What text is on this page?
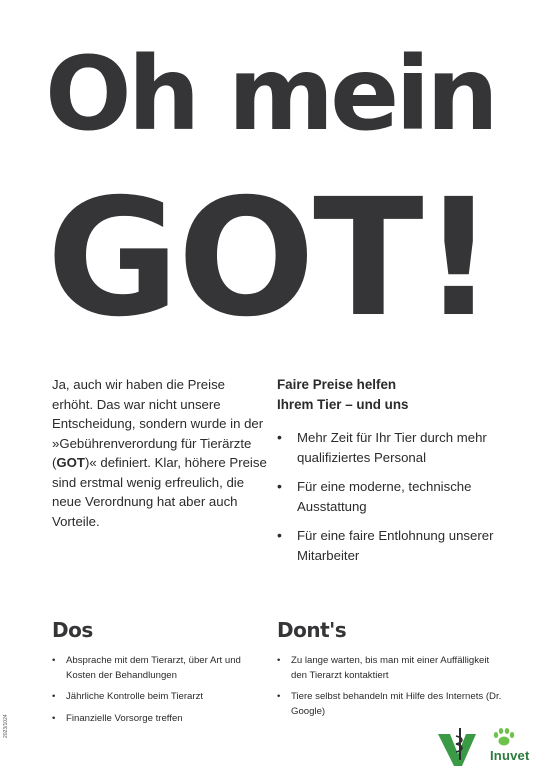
Oh mein
GOT!

Ja, auch wir haben die Preise erhöht. Das war nicht unsere Entscheidung, sondern wurde in der »Gebührenverordung für Tierärzte (GOT)« definiert. Klar, höhere Preise sind erstmal wenig erfreulich, die neue Verordnung hat aber auch Vorteile.

Faire Preise helfen
Ihrem Tier – und uns
• Mehr Zeit für Ihr Tier durch mehr qualifiziertes Personal
• Für eine moderne, technische Ausstattung
• Für eine faire Entlohnung unserer Mitarbeiter
Dos
• Absprache mit dem Tierarzt, über Art und Kosten der Behandlungen
• Jährliche Kontrolle beim Tierarzt
• Finanzielle Vorsorge treffen
Dont's
• Zu lange warten, bis man mit einer Auffälligkeit den Tierarzt kontaktiert
• Tiere selbst behandeln mit Hilfe des Internets (Dr. Google)
2023/1024
Inuvet
